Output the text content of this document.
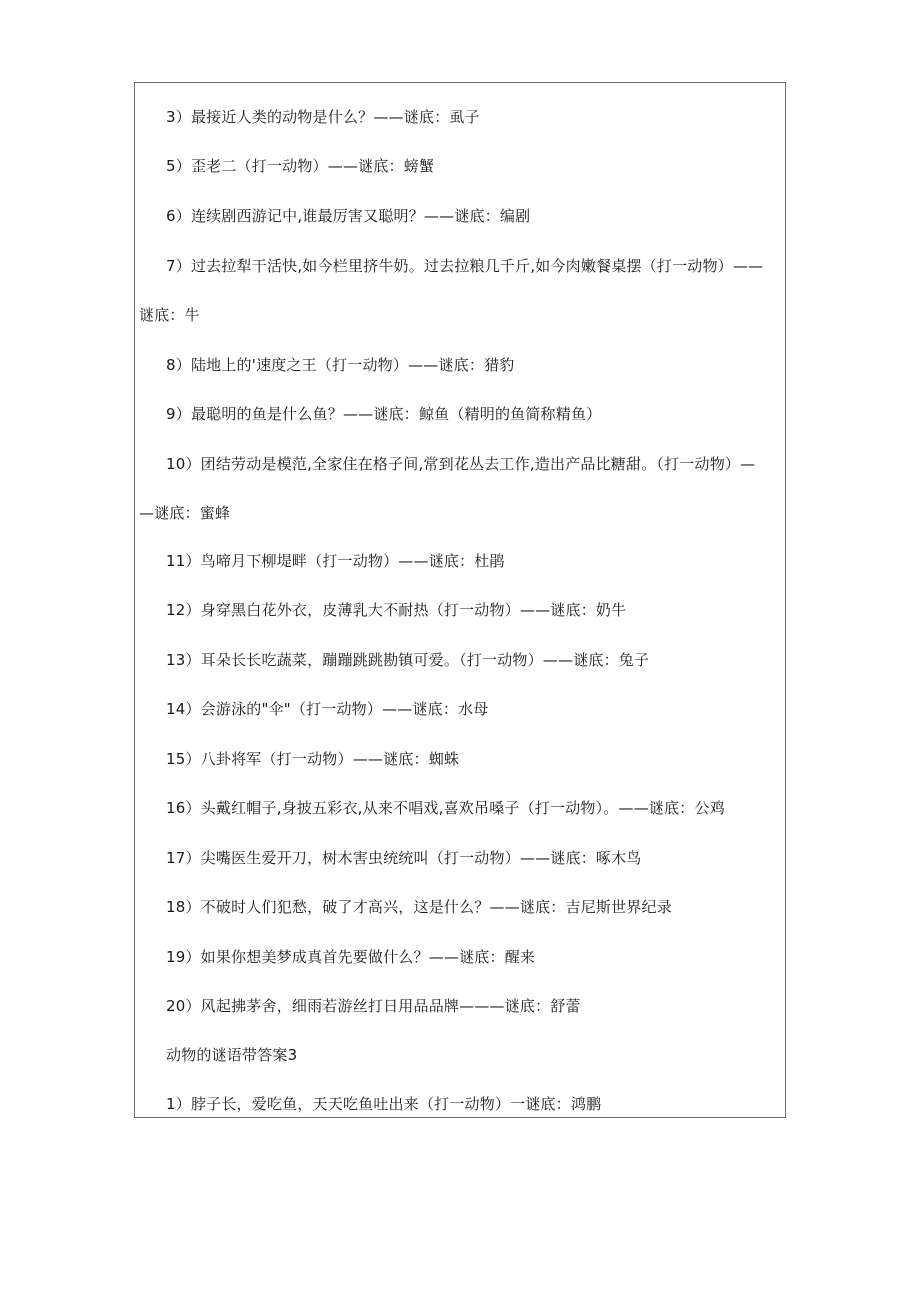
3）最接近人类的动物是什么？——谜底：虱子
5）歪老二（打一动物）——谜底：螃蟹
6）连续剧西游记中,谁最厉害又聪明？——谜底：编剧
7）过去拉犁干活快,如今栏里挤牛奶。过去拉粮几千斤,如今肉嫩餐桌摆（打一动物）——
谜底：牛
8）陆地上的'速度之王（打一动物）——谜底：猎豹
9）最聪明的鱼是什么鱼？——谜底：鲸鱼（精明的鱼简称精鱼）
10）团结劳动是模范,全家住在格子间,常到花丛去工作,造出产品比糖甜。（打一动物）—
—谜底：蜜蜂
11）鸟啼月下柳堤畔（打一动物）——谜底：杜鹃
12）身穿黑白花外衣，皮薄乳大不耐热（打一动物）——谜底：奶牛
13）耳朵长长吃蔬菜，蹦蹦跳跳勘镇可爱。（打一动物）——谜底：兔子
14）会游泳的"伞"（打一动物）——谜底：水母
15）八卦将军（打一动物）——谜底：蜘蛛
16）头戴红帽子,身披五彩衣,从来不唱戏,喜欢吊嗓子（打一动物）。——谜底：公鸡
17）尖嘴医生爱开刀，树木害虫统统叫（打一动物）——谜底：啄木鸟
18）不破时人们犯愁，破了才高兴，这是什么？——谜底：吉尼斯世界纪录
19）如果你想美梦成真首先要做什么？——谜底：醒来
20）风起拂茅舍，细雨若游丝打日用品品牌———谜底：舒蕾
动物的谜语带答案3
1）脖子长，爱吃鱼，天天吃鱼吐出来（打一动物）一谜底：鸿鹏
